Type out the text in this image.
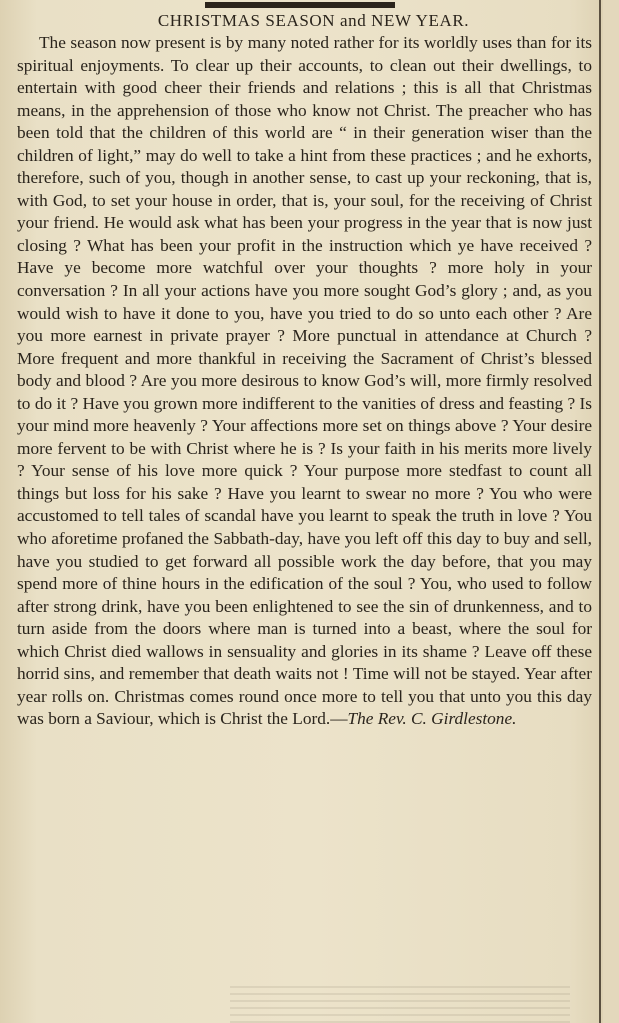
CHRISTMAS SEASON and NEW YEAR.

The season now present is by many noted rather for its worldly uses than for its spiritual enjoyments. To clear up their accounts, to clean out their dwellings, to entertain with good cheer their friends and relations ; this is all that Christmas means, in the apprehension of those who know not Christ. The preacher who has been told that the children of this world are “ in their generation wiser than the children of light,” may do well to take a hint from these practices ; and he exhorts, therefore, such of you, though in another sense, to cast up your reckoning, that is, with God, to set your house in order, that is, your soul, for the receiving of Christ your friend. He would ask what has been your progress in the year that is now just closing ? What has been your profit in the instruction which ye have received ? Have ye become more watchful over your thoughts ? more holy in your conversation ? In all your actions have you more sought God’s glory ; and, as you would wish to have it done to you, have you tried to do so unto each other ? Are you more earnest in private prayer ? More punctual in attendance at Church ? More frequent and more thankful in receiving the Sacrament of Christ’s blessed body and blood ? Are you more desirous to know God’s will, more firmly resolved to do it ? Have you grown more indifferent to the vanities of dress and feasting ? Is your mind more heavenly ? Your affections more set on things above ? Your desire more fervent to be with Christ where he is ? Is your faith in his merits more lively ? Your sense of his love more quick ? Your purpose more stedfast to count all things but loss for his sake ? Have you learnt to swear no more ? You who were accustomed to tell tales of scandal have you learnt to speak the truth in love ? You who aforetime profaned the Sabbath-day, have you left off this day to buy and sell, have you studied to get forward all possible work the day before, that you may spend more of thine hours in the edification of the soul ? You, who used to follow after strong drink, have you been enlightened to see the sin of drunkenness, and to turn aside from the doors where man is turned into a beast, where the soul for which Christ died wallows in sensuality and glories in its shame ? Leave off these horrid sins, and remember that death waits not ! Time will not be stayed. Year after year rolls on. Christmas comes round once more to tell you that unto you this day was born a Saviour, which is Christ the Lord.—The Rev. C. Girdlestone.
